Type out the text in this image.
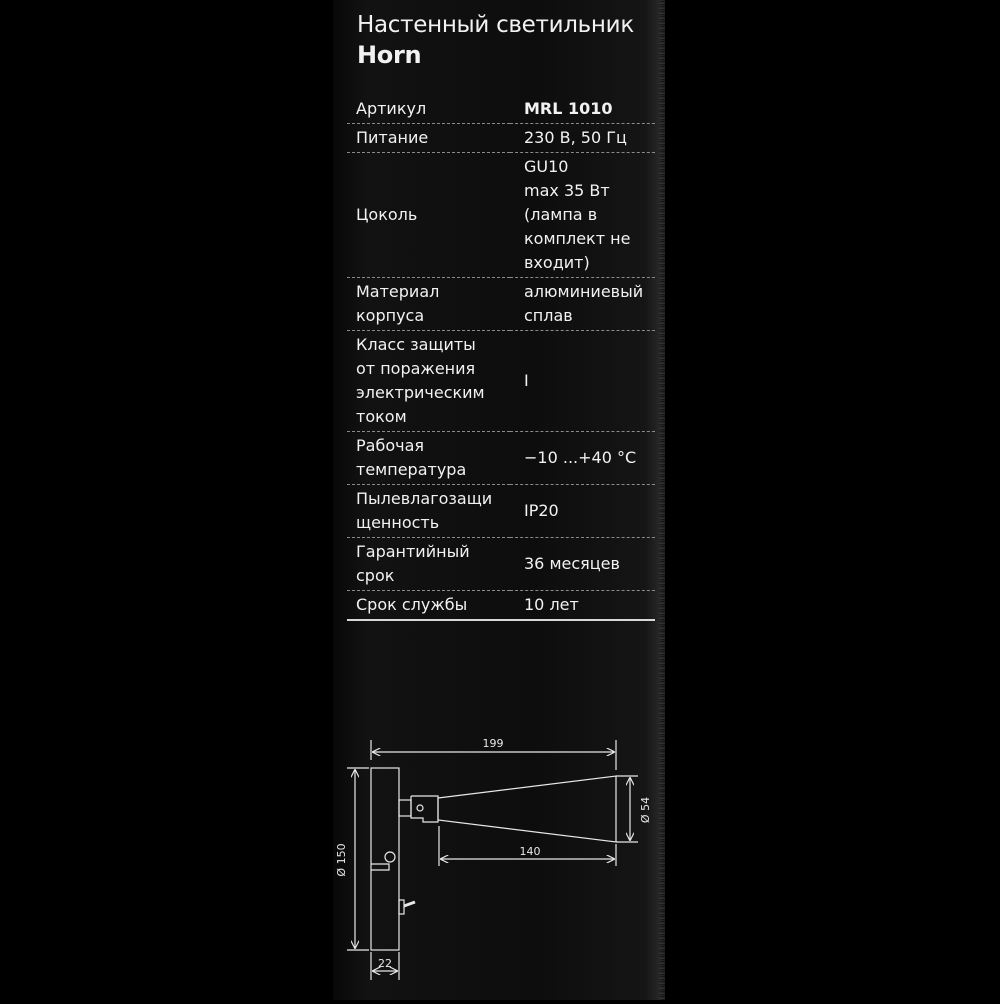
Настенный светильник
Horn
Артикул	MRL 1010
Питание	230 В, 50 Гц
Цоколь	GU10
max 35 Вт
(лампа в
комплект не
входит)
Материал
корпуса	алюминиевый
сплав
Класс защиты
от поражения
электрическим
током	I
Рабочая
температура	−10 ...+40 °C
Пылевлагозащи
щенность	IP20
Гарантийный
срок	36 месяцев
Срок службы	10 лет
199
140
Ø 54
Ø 150
22
